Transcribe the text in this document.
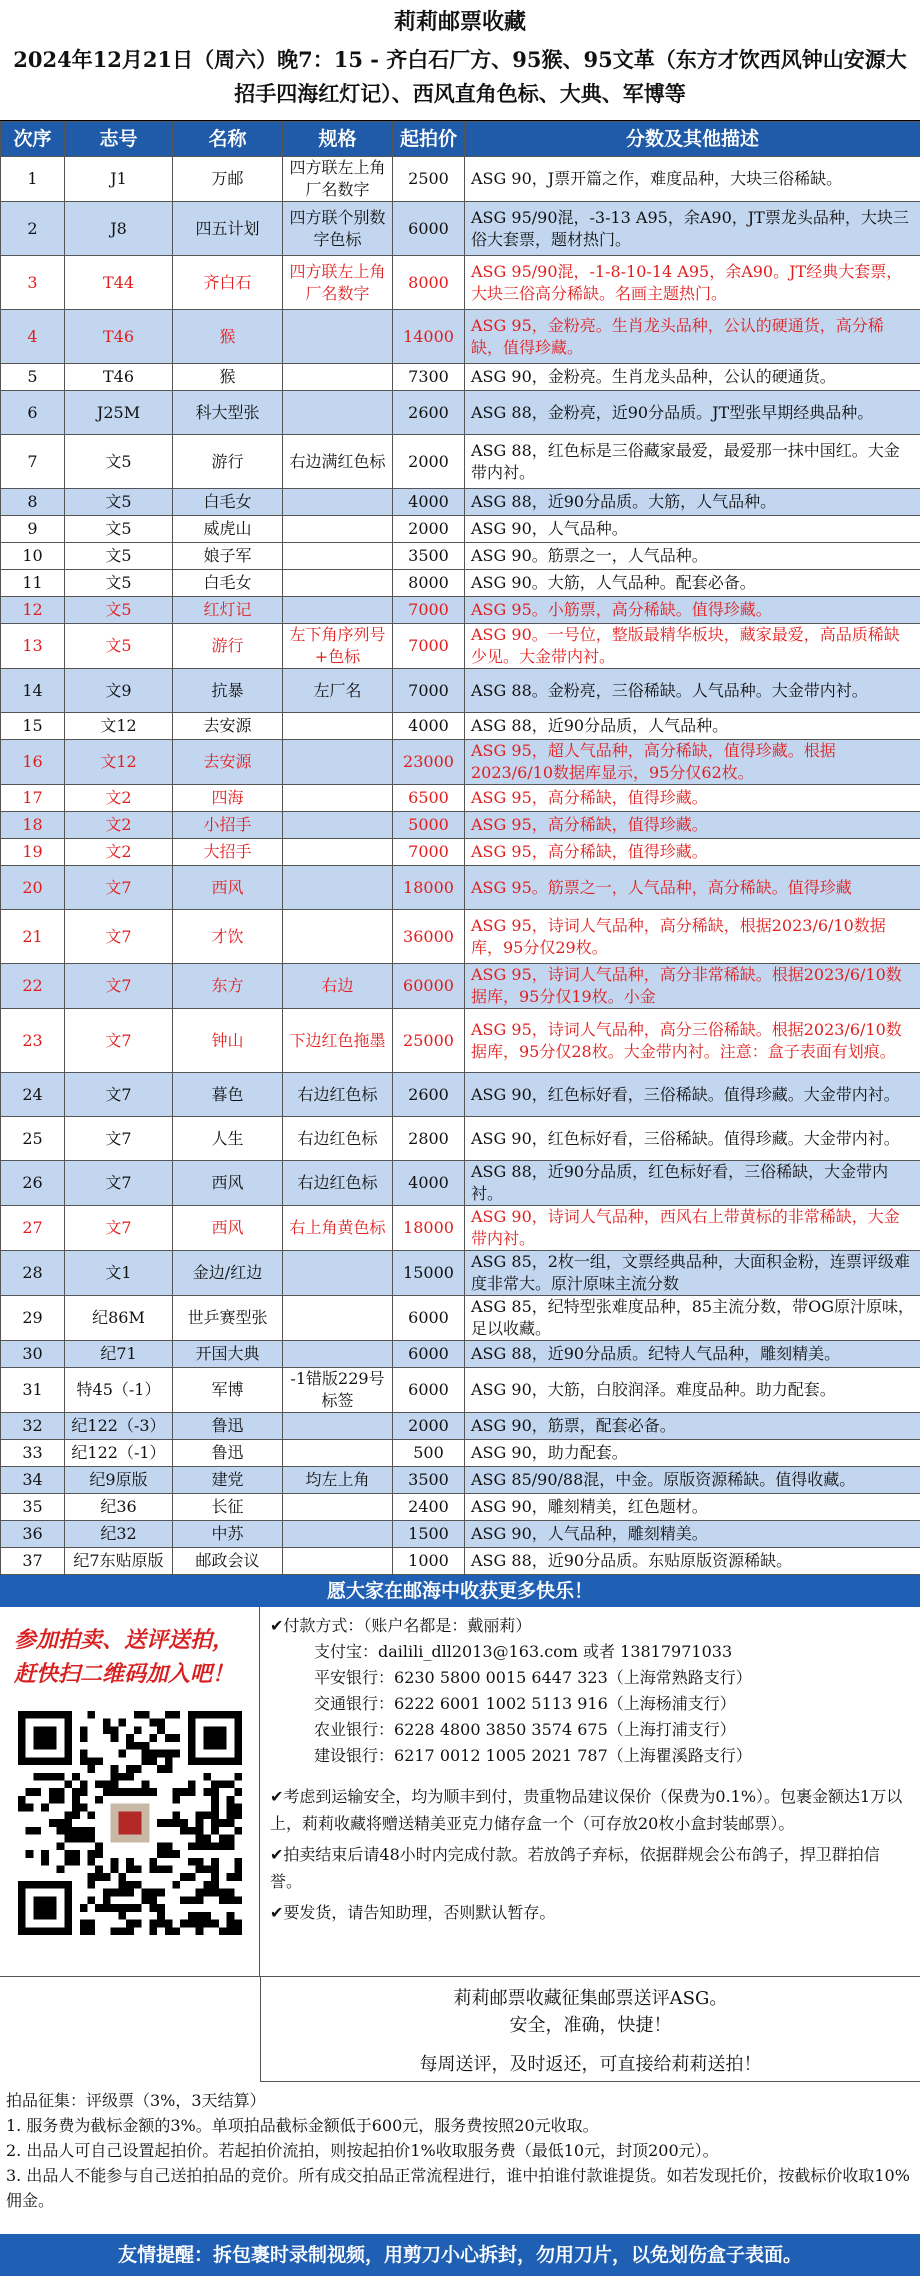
莉莉邮票收藏
2024年12月21日（周六）晚7：15 - 齐白石厂方、95猴、95文革（东方才饮西风钟山安源大
招手四海红灯记）、西风直角色标、大典、军博等
次序	志号	名称	规格	起拍价	分数及其他描述
1	J1	万邮	四方联左上角厂名数字	2500	ASG 90，J票开篇之作，难度品种，大块三俗稀缺。
2	J8	四五计划	四方联个别数字色标	6000	ASG 95/90混，-3-13 A95，余A90，JT票龙头品种，大块三俗大套票，题材热门。
3	T44	齐白石	四方联左上角厂名数字	8000	ASG 95/90混，-1-8-10-14 A95，余A90。JT经典大套票，大块三俗高分稀缺。名画主题热门。
4	T46	猴		14000	ASG 95，金粉亮。生肖龙头品种，公认的硬通货，高分稀缺，值得珍藏。
5	T46	猴		7300	ASG 90，金粉亮。生肖龙头品种，公认的硬通货。
6	J25M	科大型张		2600	ASG 88，金粉亮，近90分品质。JT型张早期经典品种。
7	文5	游行	右边满红色标	2000	ASG 88，红色标是三俗藏家最爱，最爱那一抹中国红。大金带内衬。
8	文5	白毛女		4000	ASG 88，近90分品质。大筋，人气品种。
9	文5	威虎山		2000	ASG 90，人气品种。
10	文5	娘子军		3500	ASG 90。筋票之一，人气品种。
11	文5	白毛女		8000	ASG 90。大筋，人气品种。配套必备。
12	文5	红灯记		7000	ASG 95。小筋票，高分稀缺。值得珍藏。
13	文5	游行	左下角序列号+色标	7000	ASG 90。一号位，整版最精华板块，藏家最爱，高品质稀缺少见。大金带内衬。
14	文9	抗暴	左厂名	7000	ASG 88。金粉亮，三俗稀缺。人气品种。大金带内衬。
15	文12	去安源		4000	ASG 88，近90分品质，人气品种。
16	文12	去安源		23000	ASG 95，超人气品种，高分稀缺，值得珍藏。根据2023/6/10数据库显示，95分仅62枚。
17	文2	四海		6500	ASG 95，高分稀缺，值得珍藏。
18	文2	小招手		5000	ASG 95，高分稀缺，值得珍藏。
19	文2	大招手		7000	ASG 95，高分稀缺，值得珍藏。
20	文7	西风		18000	ASG 95。筋票之一，人气品种，高分稀缺。值得珍藏
21	文7	才饮		36000	ASG 95，诗词人气品种，高分稀缺，根据2023/6/10数据库，95分仅29枚。
22	文7	东方	右边	60000	ASG 95，诗词人气品种，高分非常稀缺。根据2023/6/10数据库，95分仅19枚。小金
23	文7	钟山	下边红色拖墨	25000	ASG 95，诗词人气品种，高分三俗稀缺。根据2023/6/10数据库，95分仅28枚。大金带内衬。注意：盒子表面有划痕。
24	文7	暮色	右边红色标	2600	ASG 90，红色标好看，三俗稀缺。值得珍藏。大金带内衬。
25	文7	人生	右边红色标	2800	ASG 90，红色标好看，三俗稀缺。值得珍藏。大金带内衬。
26	文7	西风	右边红色标	4000	ASG 88，近90分品质，红色标好看，三俗稀缺，大金带内衬。
27	文7	西风	右上角黄色标	18000	ASG 90，诗词人气品种，西风右上带黄标的非常稀缺，大金带内衬。
28	文1	金边/红边		15000	ASG 85，2枚一组，文票经典品种，大面积金粉，连票评级难度非常大。原汁原味主流分数
29	纪86M	世乒赛型张		6000	ASG 85，纪特型张难度品种，85主流分数，带OG原汁原味，足以收藏。
30	纪71	开国大典		6000	ASG 88，近90分品质。纪特人气品种，雕刻精美。
31	特45（-1）	军博	-1错版229号标签	6000	ASG 90，大筋，白胶润泽。难度品种。助力配套。
32	纪122（-3）	鲁迅		2000	ASG 90，筋票，配套必备。
33	纪122（-1）	鲁迅		500	ASG 90，助力配套。
34	纪9原版	建党	均左上角	3500	ASG 85/90/88混，中金。原版资源稀缺。值得收藏。
35	纪36	长征		2400	ASG 90，雕刻精美，红色题材。
36	纪32	中苏		1500	ASG 90，人气品种，雕刻精美。
37	纪7东贴原版	邮政会议		1000	ASG 88，近90分品质。东贴原版资源稀缺。
愿大家在邮海中收获更多快乐！
参加拍卖、送评送拍，
赶快扫二维码加入吧！
✔付款方式：（账户名都是：戴丽莉）
支付宝：dailili_dll2013@163.com 或者 13817971033
平安银行：6230 5800 0015 6447 323（上海常熟路支行）
交通银行：6222 6001 1002 5113 916（上海杨浦支行）
农业银行：6228 4800 3850 3574 675（上海打浦支行）
建设银行：6217 0012 1005 2021 787（上海瞿溪路支行）
✔考虑到运输安全，均为顺丰到付，贵重物品建议保价（保费为0.1%）。包裹金额达1万以上，莉莉收藏将赠送精美亚克力储存盒一个（可存放20枚小盒封装邮票）。
✔拍卖结束后请48小时内完成付款。若放鸽子弃标，依据群规会公布鸽子，捍卫群拍信誉。
✔要发货，请告知助理，否则默认暂存。
莉莉邮票收藏征集邮票送评ASG。
安全，准确，快捷！
每周送评，及时返还，可直接给莉莉送拍！

拍品征集：评级票（3%，3天结算）

1. 服务费为截标金额的3%。单项拍品截标金额低于600元，服务费按照20元收取。

2. 出品人可自己设置起拍价。若起拍价流拍，则按起拍价1%收取服务费（最低10元，封顶200元）。

3. 出品人不能参与自己送拍拍品的竞价。所有成交拍品正常流程进行，谁中拍谁付款谁提货。如若发现托价，按截标价收取10%佣金。

友情提醒：拆包裹时录制视频，用剪刀小心拆封，勿用刀片，以免划伤盒子表面。
